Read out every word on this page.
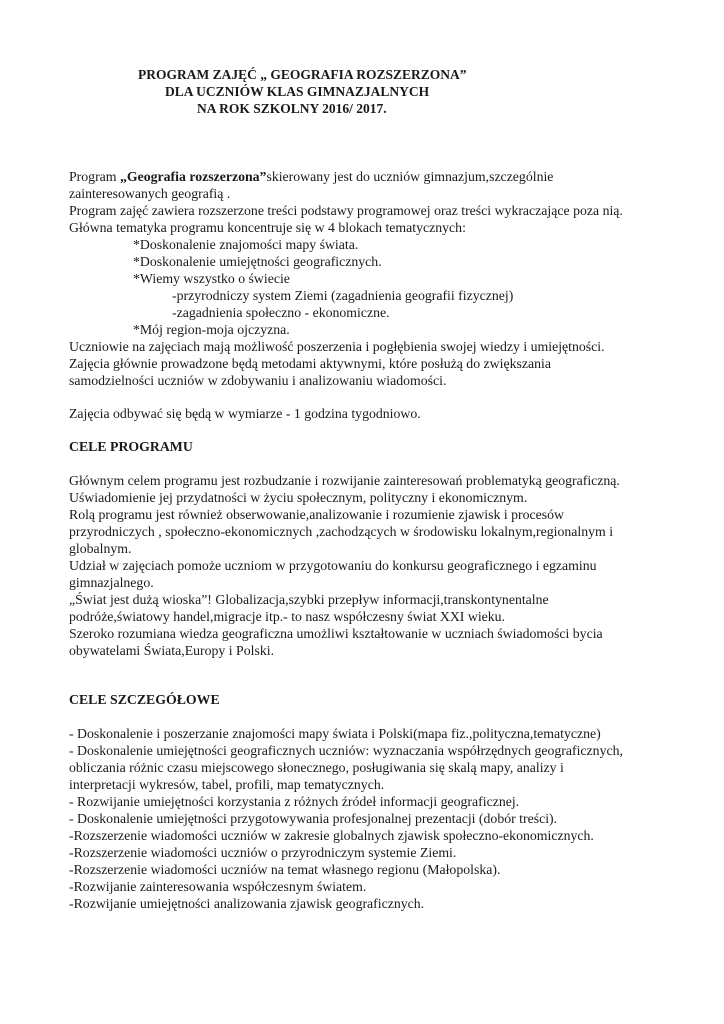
PROGRAM ZAJĘĆ „ GEOGRAFIA ROZSZERZONA”
DLA UCZNIÓW KLAS GIMNAZJALNYCH
NA ROK SZKOLNY 2016/ 2017.
Program „Geografia rozszerzona”skierowany jest do uczniów gimnazjum,szczególnie
zainteresowanych geografią .
Program zajęć zawiera rozszerzone treści podstawy programowej oraz treści wykraczające poza nią.
Główna tematyka programu koncentruje się w 4 blokach tematycznych:
*Doskonalenie znajomości mapy świata.
*Doskonalenie umiejętności geograficznych.
*Wiemy wszystko o świecie
-przyrodniczy system Ziemi (zagadnienia geografii fizycznej)
-zagadnienia społeczno - ekonomiczne.
*Mój region-moja ojczyzna.
Uczniowie na zajęciach mają możliwość poszerzenia i pogłębienia swojej wiedzy i umiejętności.
Zajęcia głównie prowadzone będą metodami aktywnymi, które posłużą do zwiększania
samodzielności uczniów w zdobywaniu i analizowaniu wiadomości.
Zajęcia odbywać się będą w wymiarze - 1 godzina tygodniowo.
CELE PROGRAMU
Głównym celem programu jest rozbudzanie i rozwijanie zainteresowań problematyką geograficzną.
Uświadomienie jej przydatności w życiu społecznym, polityczny i ekonomicznym.
Rolą programu jest również obserwowanie,analizowanie i rozumienie zjawisk i procesów
przyrodniczych , społeczno-ekonomicznych ,zachodzących w środowisku lokalnym,regionalnym i
globalnym.
Udział w zajęciach pomoże uczniom w przygotowaniu do konkursu geograficznego i egzaminu
gimnazjalnego.
„Świat jest dużą wioska”! Globalizacja,szybki przepływ informacji,transkontynentalne
podróże,światowy handel,migracje itp.- to nasz współczesny świat XXI wieku.
Szeroko rozumiana wiedza geograficzna umożliwi kształtowanie w uczniach świadomości bycia
obywatelami Świata,Europy i Polski.
CELE SZCZEGÓŁOWE
- Doskonalenie i poszerzanie znajomości mapy świata i Polski(mapa fiz.,polityczna,tematyczne)
- Doskonalenie umiejętności geograficznych uczniów: wyznaczania współrzędnych geograficznych,
obliczania różnic czasu miejscowego słonecznego, posługiwania się skalą mapy, analizy i
interpretacji wykresów, tabel, profili, map tematycznych.
- Rozwijanie umiejętności korzystania z różnych źródeł informacji geograficznej.
- Doskonalenie umiejętności przygotowywania profesjonalnej prezentacji (dobór treści).
-Rozszerzenie wiadomości uczniów w zakresie globalnych zjawisk społeczno-ekonomicznych.
-Rozszerzenie wiadomości uczniów o przyrodniczym systemie Ziemi.
-Rozszerzenie wiadomości uczniów na temat własnego regionu (Małopolska).
-Rozwijanie zainteresowania współczesnym światem.
-Rozwijanie umiejętności analizowania zjawisk geograficznych.
